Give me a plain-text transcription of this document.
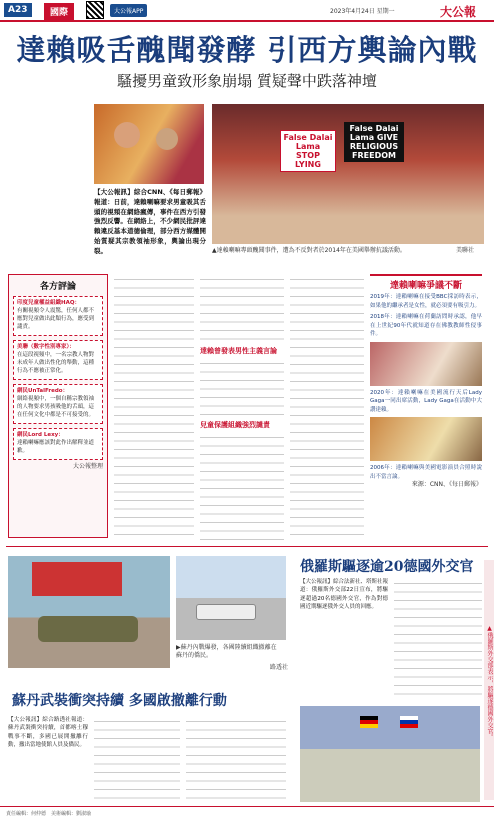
A23	國際	大公報APP	2023年4月24日 星期一	大公報
達賴吸舌醜聞發酵 引西方輿論內戰
騷擾男童致形象崩塌 質疑聲中跌落神壇
False Dalai Lama STOP LYING
False Dalai Lama GIVE RELIGIOUS FREEDOM
▲達賴喇嘛專頭醜聞事件，遭為不反對者於2014年在美國舉辦抗議活動。	美聯社
【大公報訊】綜合CNN、《每日郵報》報道：日前，達賴喇嘛要求男童吸其舌頭的視頻在網絡瘋傳，事件在西方引發強烈反響。在網絡上，不少網民批評達賴違反基本道德倫理，部分西方媒體開始質疑其宗教領袖形象，輿論出現分裂。
各方評論
印度兒童權益組織HAQ：
有關視頻令人震驚，任何人都不應對兒童做出此類行為，應受到譴責。
美聯（數字性別專家）：
在這段視頻中，一名宗教人物對未成年人做出性化的舉動，這種行為不應被正常化。
網民UnTalFredo：
網絡視頻中，一個自稱宗教領袖的人物要求男孩吸他的舌頭，這在任何文化中都是不可接受的。
網民Lord Lexy：
達賴喇嘛應該對此作出解釋並道歉。
大公報整理
達賴曾發表男性主義言論
兒童保護組織強烈譴責
達賴喇嘛爭議不斷
2019年：達賴喇嘛在接受BBC採訪時表示，如果他的繼承者是女性，就必須要有吸引力。
2018年：達賴喇嘛在荷蘭訪問時承認，他早在上世紀90年代就知道存在佛教教師性侵事件。
2020年：達賴喇嘛在美國流行天后Lady Gaga一同出席活動，Lady Gaga在活動中大讚達賴。
2006年：達賴喇嘛與美國電影演員合照時說出不當言論。
來源：CNN、《每日郵報》
▶蘇丹內戰爆發，各國陸續組織撤離在蘇丹的僑民。
路透社
蘇丹武裝衝突持續 多國啟撤離行動
【大公報訊】綜合路透社報道：蘇丹武裝衝突持續，首都喀土穆戰事不斷，多國已展開撤離行動，撤出當地使館人員及僑民。
俄羅斯驅逐逾20德國外交官
【大公報訊】綜合法新社、塔斯社報道：俄羅斯外交部22日宣布，將驅逐超過20名德國外交官，作為對德國近期驅逐俄外交人員的回應。
▲俄羅斯外交部表示，將驅逐德國外交官。
責任編輯：何仲德　美術編輯：劉淑瑜
